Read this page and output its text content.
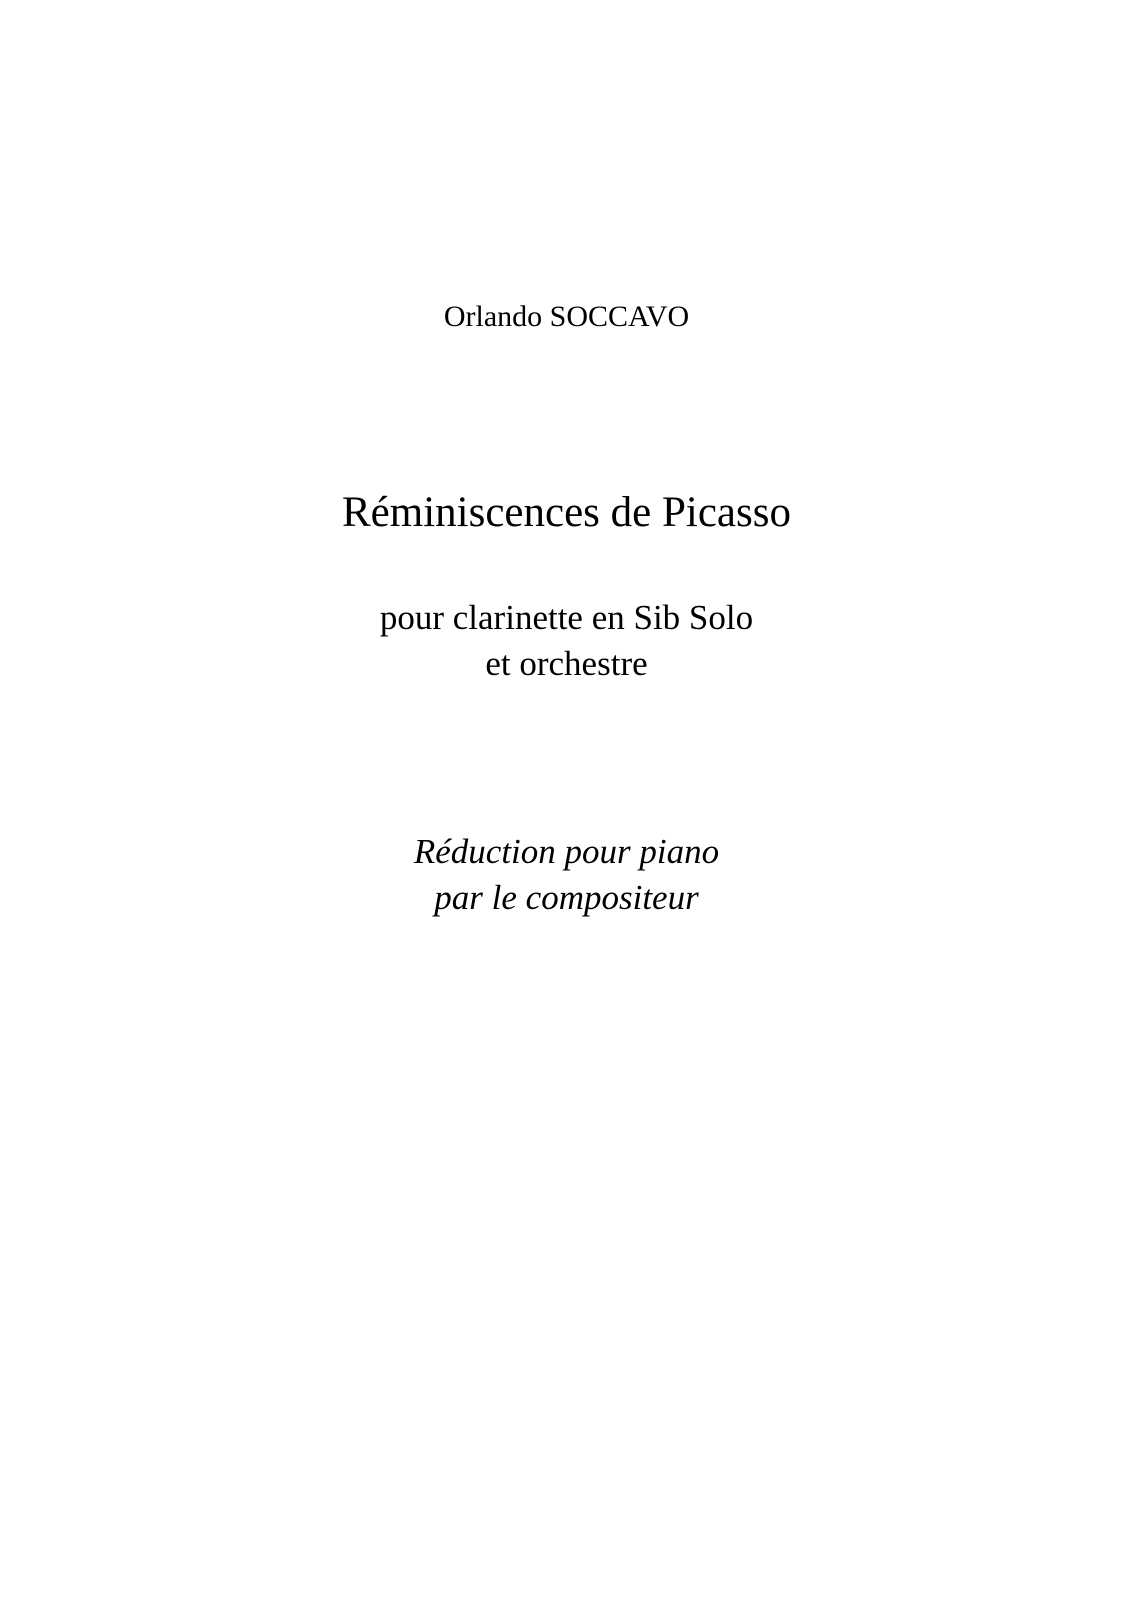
Orlando SOCCAVO
Réminiscences de Picasso
pour clarinette en Sib Solo
et orchestre
Réduction pour piano
par le compositeur
